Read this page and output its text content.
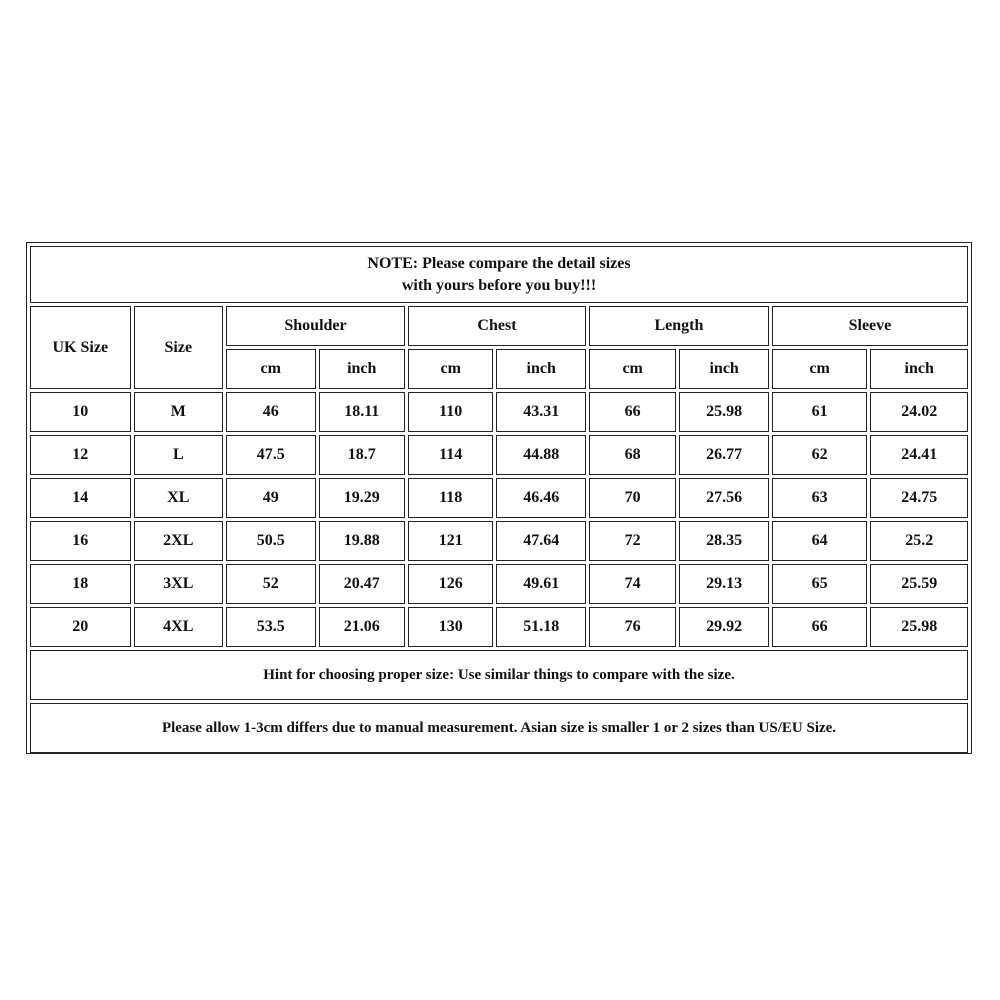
NOTE: Please compare the detail sizes
with yours before you buy!!!									

UK Size	Size	Shoulder		Chest		Length		Sleeve	
		cm	inch	cm	inch	cm	inch	cm	inch
10	M	46	18.11	110	43.31	66	25.98	61	24.02
12	L	47.5	18.7	114	44.88	68	26.77	62	24.41
14	XL	49	19.29	118	46.46	70	27.56	63	24.75
16	2XL	50.5	19.88	121	47.64	72	28.35	64	25.2
18	3XL	52	20.47	126	49.61	74	29.13	65	25.59
20	4XL	53.5	21.06	130	51.18	76	29.92	66	25.98
Hint for choosing proper size: Use similar things to compare with the size.									
Please allow 1-3cm differs due to manual measurement. Asian size is smaller 1 or 2 sizes than US/EU Size.									
